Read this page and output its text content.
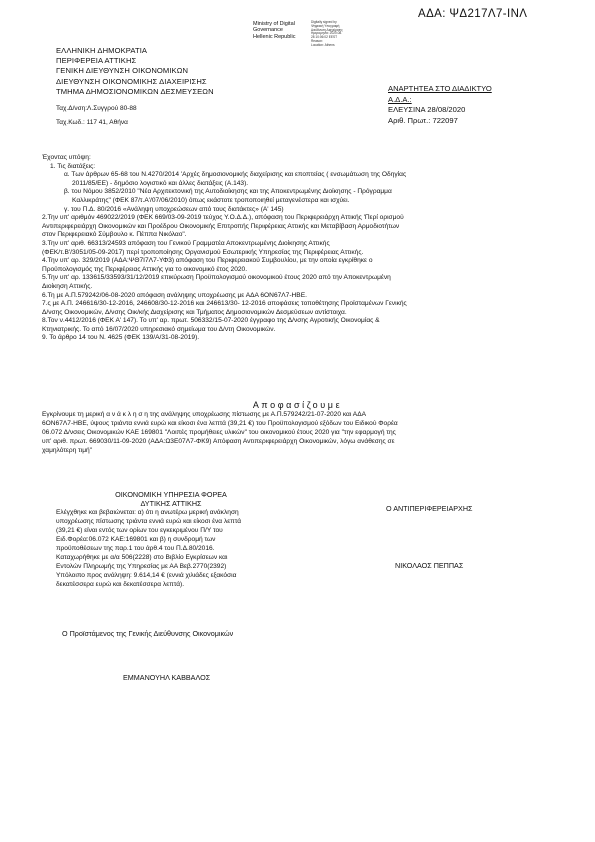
ΑΔΑ: ΨΔ217Λ7-ΙΝΛ
Ministry of Digital
Governance
Hellenic Republic
Digitally signed by
Ψηφιακή Υπογραφή
Διεύθυνση Διαχείρισης
Ημερομηνία: 2020.08.
28 10:06:02 EEST
Reason:
Location: Athens
ΕΛΛΗΝΙΚΗ ΔΗΜΟΚΡΑΤΙΑ
ΠΕΡΙΦΕΡΕΙΑ ΑΤΤΙΚΗΣ
ΓΕΝΙΚΗ ΔΙΕΥΘΥΝΣΗ ΟΙΚΟΝΟΜΙΚΩΝ
ΔΙΕΥΘΥΝΣΗ ΟΙΚΟΝΟΜΙΚΗΣ ΔΙΑΧΕΙΡΙΣΗΣ
ΤΜΗΜΑ ΔΗΜΟΣΙΟΝΟΜΙΚΩΝ ΔΕΣΜΕΥΣΕΩΝ
Ταχ.Δ/νση:Λ.Συγγρού 80-88
Ταχ.Κωδ.: 117 41, Αθήνα
ΑΝΑΡΤΗΤΕΑ ΣΤΟ ΔΙΑΔΙΚΤΥΟ
Α.Δ.Α.:
ΕΛΕΥΣΙΝΑ 28/08/2020
Αριθ. Πρωτ.: 722097

Έχοντας υπόψη:

1. Τις διατάξεις:

α. Των άρθρων 65-68 του Ν.4270/2014 'Αρχές δημοσιονομικής διαχείρισης και εποπτείας ( ενσωμάτωση της Οδηγίας

2011/85/ΕΕ) - δημόσιο λογιστικό και άλλες διατάξεις (Α.143).

β. του Νόμου 3852/2010 "Νέα Αρχιτεκτονική της Αυτοδιοίκησης και της Αποκεντρωμένης Διοίκησης - Πρόγραμμα

Καλλικράτης" (ΦΕΚ 87/τ.Α'/07/06/2010) όπως εκάστοτε τροποποιηθεί μεταγενέστερα και ισχύει.

γ. του Π.Δ. 80/2016 «Ανάληψη υποχρεώσεων από τους διατάκτες» (Α' 145)

2.Την υπ' αριθμόν 469022/2019 (ΦΕΚ 669/03-09-2019 τεύχος Υ.Ο.Δ.Δ.), απόφαση του Περιφερειάρχη Αττικής 'Περί ορισμού

Αντιπεριφερειάρχη Οικονομικών και Προέδρου Οικονομικής Επιτροπής Περιφέρειας Αττικής και Μεταβίβαση Αρμοδιοτήτων

στον Περιφερειακό Σύμβουλο κ. Πέππα Νικόλαο".

3.Την υπ' αριθ. 66313/24593 απόφαση του Γενικού Γραμματέα Αποκεντρωμένης Διοίκησης Αττικής

(ΦΕΚ/τ.Β'/3051/05-09-2017) περί τροποποίησης Οργανισμού Εσωτερικής Υπηρεσίας της Περιφέρειας Αττικής.

4.Την υπ' αρ. 329/2019 (ΑΔΑ:ΨΘ7Ι7Λ7-ΥΦ3) απόφαση του Περιφερειακού Συμβουλίου, με την οποία εγκρίθηκε ο

Προϋπολογισμός της Περιφέρειας Αττικής για το οικονομικό έτος 2020.

5.Την υπ' αρ. 133615/33593/31/12/2019 επικύρωση Προϋπολογισμού οικονομικού έτους 2020 από την Αποκεντρωμένη

Διοίκηση Αττικής.

6.Τη με Α.Π.579242/06-08-2020 απόφαση ανάληψης υποχρέωσης με ΑΔΑ 6ΟΝ67Λ7-ΗΒΕ.

7.ς με Α.Π. 246616/30-12-2016, 246608/30-12-2016 και 246613/30- 12-2016 αποφάσεις τοποθέτησης Προϊσταμένων Γενικής

Δ/νσης Οικονομικών, Δ/νσης Οικ/κής Διαχείρισης και Τμήματος Δημοσιονομικών Δεσμεύσεων αντίστοιχα.

8.Τον ν.4412/2016 (ΦΕΚ Α' 147). Το υπ' αρ. πρωτ. 506332/15-07-2020 έγγραφο της Δ/νσης Αγροτικής Οικονομίας &

Κτηνιατρικής. Το από 16/07/2020 υπηρεσιακό σημείωμα του Δ/ντη Οικονομικών.

9. Το άρθρο 14 του Ν. 4625 (ΦΕΚ 139/Α/31-08-2019).

Αποφασίζουμε
Εγκρίνουμε τη μερική α ν ά κ λ η σ η της ανάληψης υποχρέωσης πίστωσης με Α.Π.579242/21-07-2020 και ΑΔΑ
6ΟΝ67Λ7-ΗΒΕ, ύψους τριάντα εννιά ευρώ και είκοσι ένα λεπτά (39,21 €) του Προϋπολογισμού εξόδων του Ειδικού Φορέα
06.072 Δ/νσεις Οικονομικών ΚΑΕ 169801 "Λοιπές προμήθειες υλικών" του οικονομικού έτους 2020 για "την εφαρμογή της
υπ' αριθ. πρωτ. 669030/11-09-2020 (ΑΔΑ:Ω3Ε07Λ7-ΦΚ9) Απόφαση Αντιπεριφερειάρχη Οικονομικών, λόγω ανάθεσης σε
χαμηλότερη τιμή"
ΟΙΚΟΝΟΜΙΚΗ ΥΠΗΡΕΣΙΑ ΦΟΡΕΑ
ΔΥΤΙΚΗΣ ΑΤΤΙΚΗΣ
Ελέγχθηκε και βεβαιώνεται: α) ότι η ανωτέρω μερική ανάκληση
υποχρέωσης πίστωσης τριάντα εννιά ευρώ και είκοσι ένα λεπτά
(39,21 €) είναι εντός των ορίων του εγκεκριμένου Π/Υ του
Ειδ.Φορέα:06.072 ΚΑΕ:169801 και β) η συνδρομή των
προϋποθέσεων της παρ.1 του άρθ.4 του Π.Δ.80/2016.
Καταχωρήθηκε με α/α 506(2228) στο Βιβλίο Εγκρίσεων και
Εντολών Πληρωμής της Υπηρεσίας με ΑΑ Βεβ.2770(2392)
Υπόλοιπο προς ανάληψη: 9.614,14 € (εννιά χιλιάδες εξακόσια
δεκατέσσερα ευρώ και δεκατέσσερα λεπτά).
Ο ΑΝΤΙΠΕΡΙΦΕΡΕΙΑΡΧΗΣ
ΝΙΚΟΛΑΟΣ ΠΕΠΠΑΣ
Ο Προϊστάμενος της Γενικής Διεύθυνσης Οικονομικών
ΕΜΜΑΝΟΥΗΛ ΚΑΒΒΑΛΟΣ
